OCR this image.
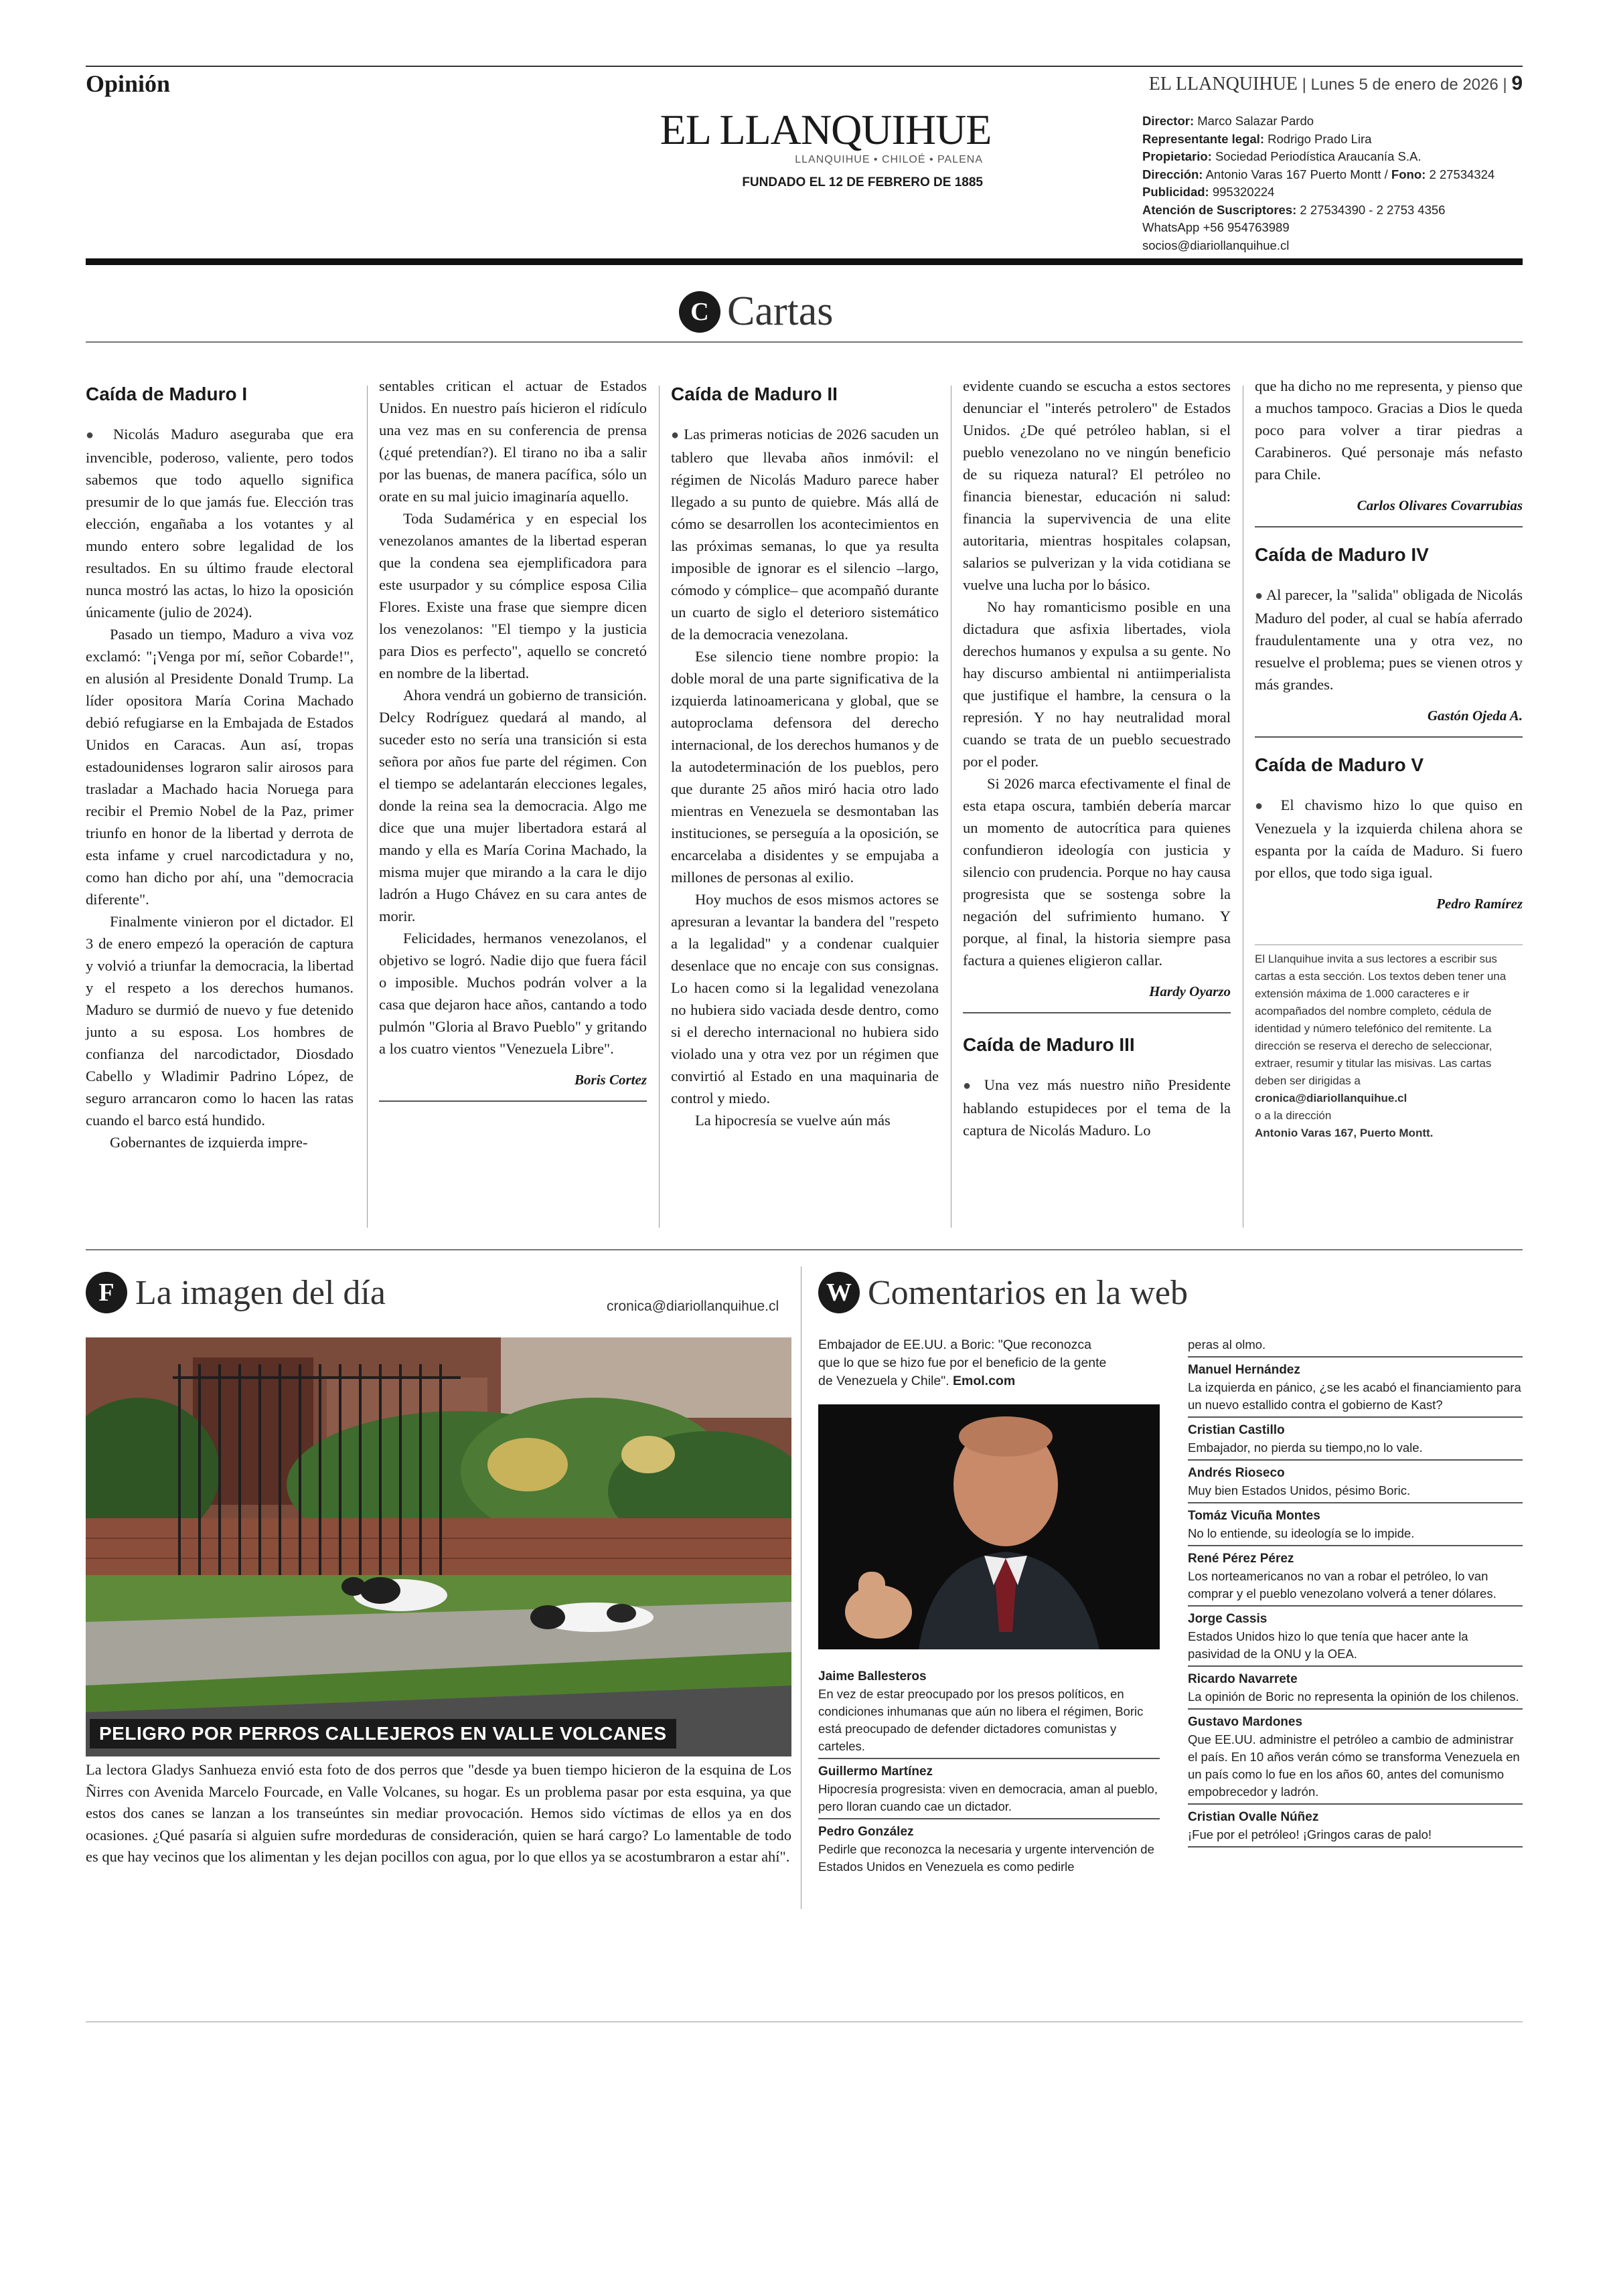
Opinión	EL LLANQUIHUE | Lunes 5 de enero de 2026 | 9
EL LLANQUIHUE
LLANQUIHUE • CHILOÉ • PALENA
FUNDADO EL 12 DE FEBRERO DE 1885
Director: Marco Salazar Pardo
Representante legal: Rodrigo Prado Lira
Propietario: Sociedad Periodística Araucanía S.A.
Dirección: Antonio Varas 167 Puerto Montt / Fono: 2 27534324
Publicidad: 995320224
Atención de Suscriptores: 2 27534390 - 2 2753 4356
WhatsApp +56 954763989
socios@diariollanquihue.cl
C Cartas
Caída de Maduro I

● Nicolás Maduro aseguraba que era invencible, poderoso, valiente, pero todos sabemos que todo aquello significa presumir de lo que jamás fue. Elección tras elección, engañaba a los votantes y al mundo entero sobre legalidad de los resultados. En su último fraude electoral nunca mostró las actas, lo hizo la oposición únicamente (julio de 2024).

Pasado un tiempo, Maduro a viva voz exclamó: "¡Venga por mí, señor Cobarde!", en alusión al Presidente Donald Trump. La líder opositora María Corina Machado debió refugiarse en la Embajada de Estados Unidos en Caracas. Aun así, tropas estadounidenses lograron salir airosos para trasladar a Machado hacia Noruega para recibir el Premio Nobel de la Paz, primer triunfo en honor de la libertad y derrota de esta infame y cruel narcodictadura y no, como han dicho por ahí, una "democracia diferente".

Finalmente vinieron por el dictador. El 3 de enero empezó la operación de captura y volvió a triunfar la democracia, la libertad y el respeto a los derechos humanos. Maduro se durmió de nuevo y fue detenido junto a su esposa. Los hombres de confianza del narcodictador, Diosdado Cabello y Wladimir Padrino López, de seguro arrancaron como lo hacen las ratas cuando el barco está hundido.

Gobernantes de izquierda impre-

sentables critican el actuar de Estados Unidos. En nuestro país hicieron el ridículo una vez mas en su conferencia de prensa (¿qué pretendían?). El tirano no iba a salir por las buenas, de manera pacífica, sólo un orate en su mal juicio imaginaría aquello.

Toda Sudamérica y en especial los venezolanos amantes de la libertad esperan que la condena sea ejemplificadora para este usurpador y su cómplice esposa Cilia Flores. Existe una frase que siempre dicen los venezolanos: "El tiempo y la justicia para Dios es perfecto", aquello se concretó en nombre de la libertad.

Ahora vendrá un gobierno de transición. Delcy Rodríguez quedará al mando, al suceder esto no sería una transición si esta señora por años fue parte del régimen. Con el tiempo se adelantarán elecciones legales, donde la reina sea la democracia. Algo me dice que una mujer libertadora estará al mando y ella es María Corina Machado, la misma mujer que mirando a la cara le dijo ladrón a Hugo Chávez en su cara antes de morir.

Felicidades, hermanos venezolanos, el objetivo se logró. Nadie dijo que fuera fácil o imposible. Muchos podrán volver a la casa que dejaron hace años, cantando a todo pulmón "Gloria al Bravo Pueblo" y gritando a los cuatro vientos "Venezuela Libre".

Boris Cortez
Caída de Maduro II

● Las primeras noticias de 2026 sacuden un tablero que llevaba años inmóvil: el régimen de Nicolás Maduro parece haber llegado a su punto de quiebre. Más allá de cómo se desarrollen los acontecimientos en las próximas semanas, lo que ya resulta imposible de ignorar es el silencio –largo, cómodo y cómplice– que acompañó durante un cuarto de siglo el deterioro sistemático de la democracia venezolana.

Ese silencio tiene nombre propio: la doble moral de una parte significativa de la izquierda latinoamericana y global, que se autoproclama defensora del derecho internacional, de los derechos humanos y de la autodeterminación de los pueblos, pero que durante 25 años miró hacia otro lado mientras en Venezuela se desmontaban las instituciones, se perseguía a la oposición, se encarcelaba a disidentes y se empujaba a millones de personas al exilio.

Hoy muchos de esos mismos actores se apresuran a levantar la bandera del "respeto a la legalidad" y a condenar cualquier desenlace que no encaje con sus consignas. Lo hacen como si la legalidad venezolana no hubiera sido vaciada desde dentro, como si el derecho internacional no hubiera sido violado una y otra vez por un régimen que convirtió al Estado en una maquinaria de control y miedo.

La hipocresía se vuelve aún más

evidente cuando se escucha a estos sectores denunciar el "interés petrolero" de Estados Unidos. ¿De qué petróleo hablan, si el pueblo venezolano no ve ningún beneficio de su riqueza natural? El petróleo no financia bienestar, educación ni salud: financia la supervivencia de una elite autoritaria, mientras hospitales colapsan, salarios se pulverizan y la vida cotidiana se vuelve una lucha por lo básico.

No hay romanticismo posible en una dictadura que asfixia libertades, viola derechos humanos y expulsa a su gente. No hay discurso ambiental ni antiimperialista que justifique el hambre, la censura o la represión. Y no hay neutralidad moral cuando se trata de un pueblo secuestrado por el poder.

Si 2026 marca efectivamente el final de esta etapa oscura, también debería marcar un momento de autocrítica para quienes confundieron ideología con justicia y silencio con prudencia. Porque no hay causa progresista que se sostenga sobre la negación del sufrimiento humano. Y porque, al final, la historia siempre pasa factura a quienes eligieron callar.

Hardy Oyarzo
Caída de Maduro III

● Una vez más nuestro niño Presidente hablando estupideces por el tema de la captura de Nicolás Maduro. Lo

que ha dicho no me representa, y pienso que a muchos tampoco. Gracias a Dios le queda poco para volver a tirar piedras a Carabineros. Qué personaje más nefasto para Chile.

Carlos Olivares Covarrubias
Caída de Maduro IV

● Al parecer, la "salida" obligada de Nicolás Maduro del poder, al cual se había aferrado fraudulentamente una y otra vez, no resuelve el problema; pues se vienen otros y más grandes.

Gastón Ojeda A.
Caída de Maduro V

● El chavismo hizo lo que quiso en Venezuela y la izquierda chilena ahora se espanta por la caída de Maduro. Si fuero por ellos, que todo siga igual.

Pedro Ramírez
El Llanquihue invita a sus lectores a escribir sus cartas a esta sección. Los textos deben tener una extensión máxima de 1.000 caracteres e ir acompañados del nombre completo, cédula de identidad y número telefónico del remitente. La dirección se reserva el derecho de seleccionar, extraer, resumir y titular las misivas. Las cartas deben ser dirigidas a
cronica@diariollanquihue.cl
o a la dirección
Antonio Varas 167, Puerto Montt.
F La imagen del día	cronica@diariollanquihue.cl
PELIGRO POR PERROS CALLEJEROS EN VALLE VOLCANES
La lectora Gladys Sanhueza envió esta foto de dos perros que "desde ya buen tiempo hicieron de la esquina de Los Ñirres con Avenida Marcelo Fourcade, en Valle Volcanes, su hogar. Es un problema pasar por esta esquina, ya que estos dos canes se lanzan a los transeúntes sin mediar provocación. Hemos sido víctimas de ellos ya en dos ocasiones. ¿Qué pasaría si alguien sufre mordeduras de consideración, quien se hará cargo? Lo lamentable de todo es que hay vecinos que los alimentan y les dejan pocillos con agua, por lo que ellos ya se acostumbraron a estar ahí".
W Comentarios en la web
Embajador de EE.UU. a Boric: "Que reconozca que lo que se hizo fue por el beneficio de la gente de Venezuela y Chile". Emol.com
Jaime Ballesteros
En vez de estar preocupado por los presos políticos, en condiciones inhumanas que aún no libera el régimen, Boric está preocupado de defender dictadores comunistas y carteles.
Guillermo Martínez
Hipocresía progresista: viven en democracia, aman al pueblo, pero lloran cuando cae un dictador.
Pedro González
Pedirle que reconozca la necesaria y urgente intervención de Estados Unidos en Venezuela es como pedirle
peras al olmo.
Manuel Hernández
La izquierda en pánico, ¿se les acabó el financiamiento para un nuevo estallido contra el gobierno de Kast?
Cristian Castillo
Embajador, no pierda su tiempo,no lo vale.
Andrés Rioseco
Muy bien Estados Unidos, pésimo Boric.
Tomáz Vicuña Montes
No lo entiende, su ideología se lo impide.
René Pérez Pérez
Los norteamericanos no van a robar el petróleo, lo van comprar y el pueblo venezolano volverá a tener dólares.
Jorge Cassis
Estados Unidos hizo lo que tenía que hacer ante la pasividad de la ONU y la OEA.
Ricardo Navarrete
La opinión de Boric no representa la opinión de los chilenos.
Gustavo Mardones
Que EE.UU. administre el petróleo a cambio de administrar el país. En 10 años verán cómo se transforma Venezuela en un país como lo fue en los años 60, antes del comunismo empobrecedor y ladrón.
Cristian Ovalle Núñez
¡Fue por el petróleo! ¡Gringos caras de palo!
